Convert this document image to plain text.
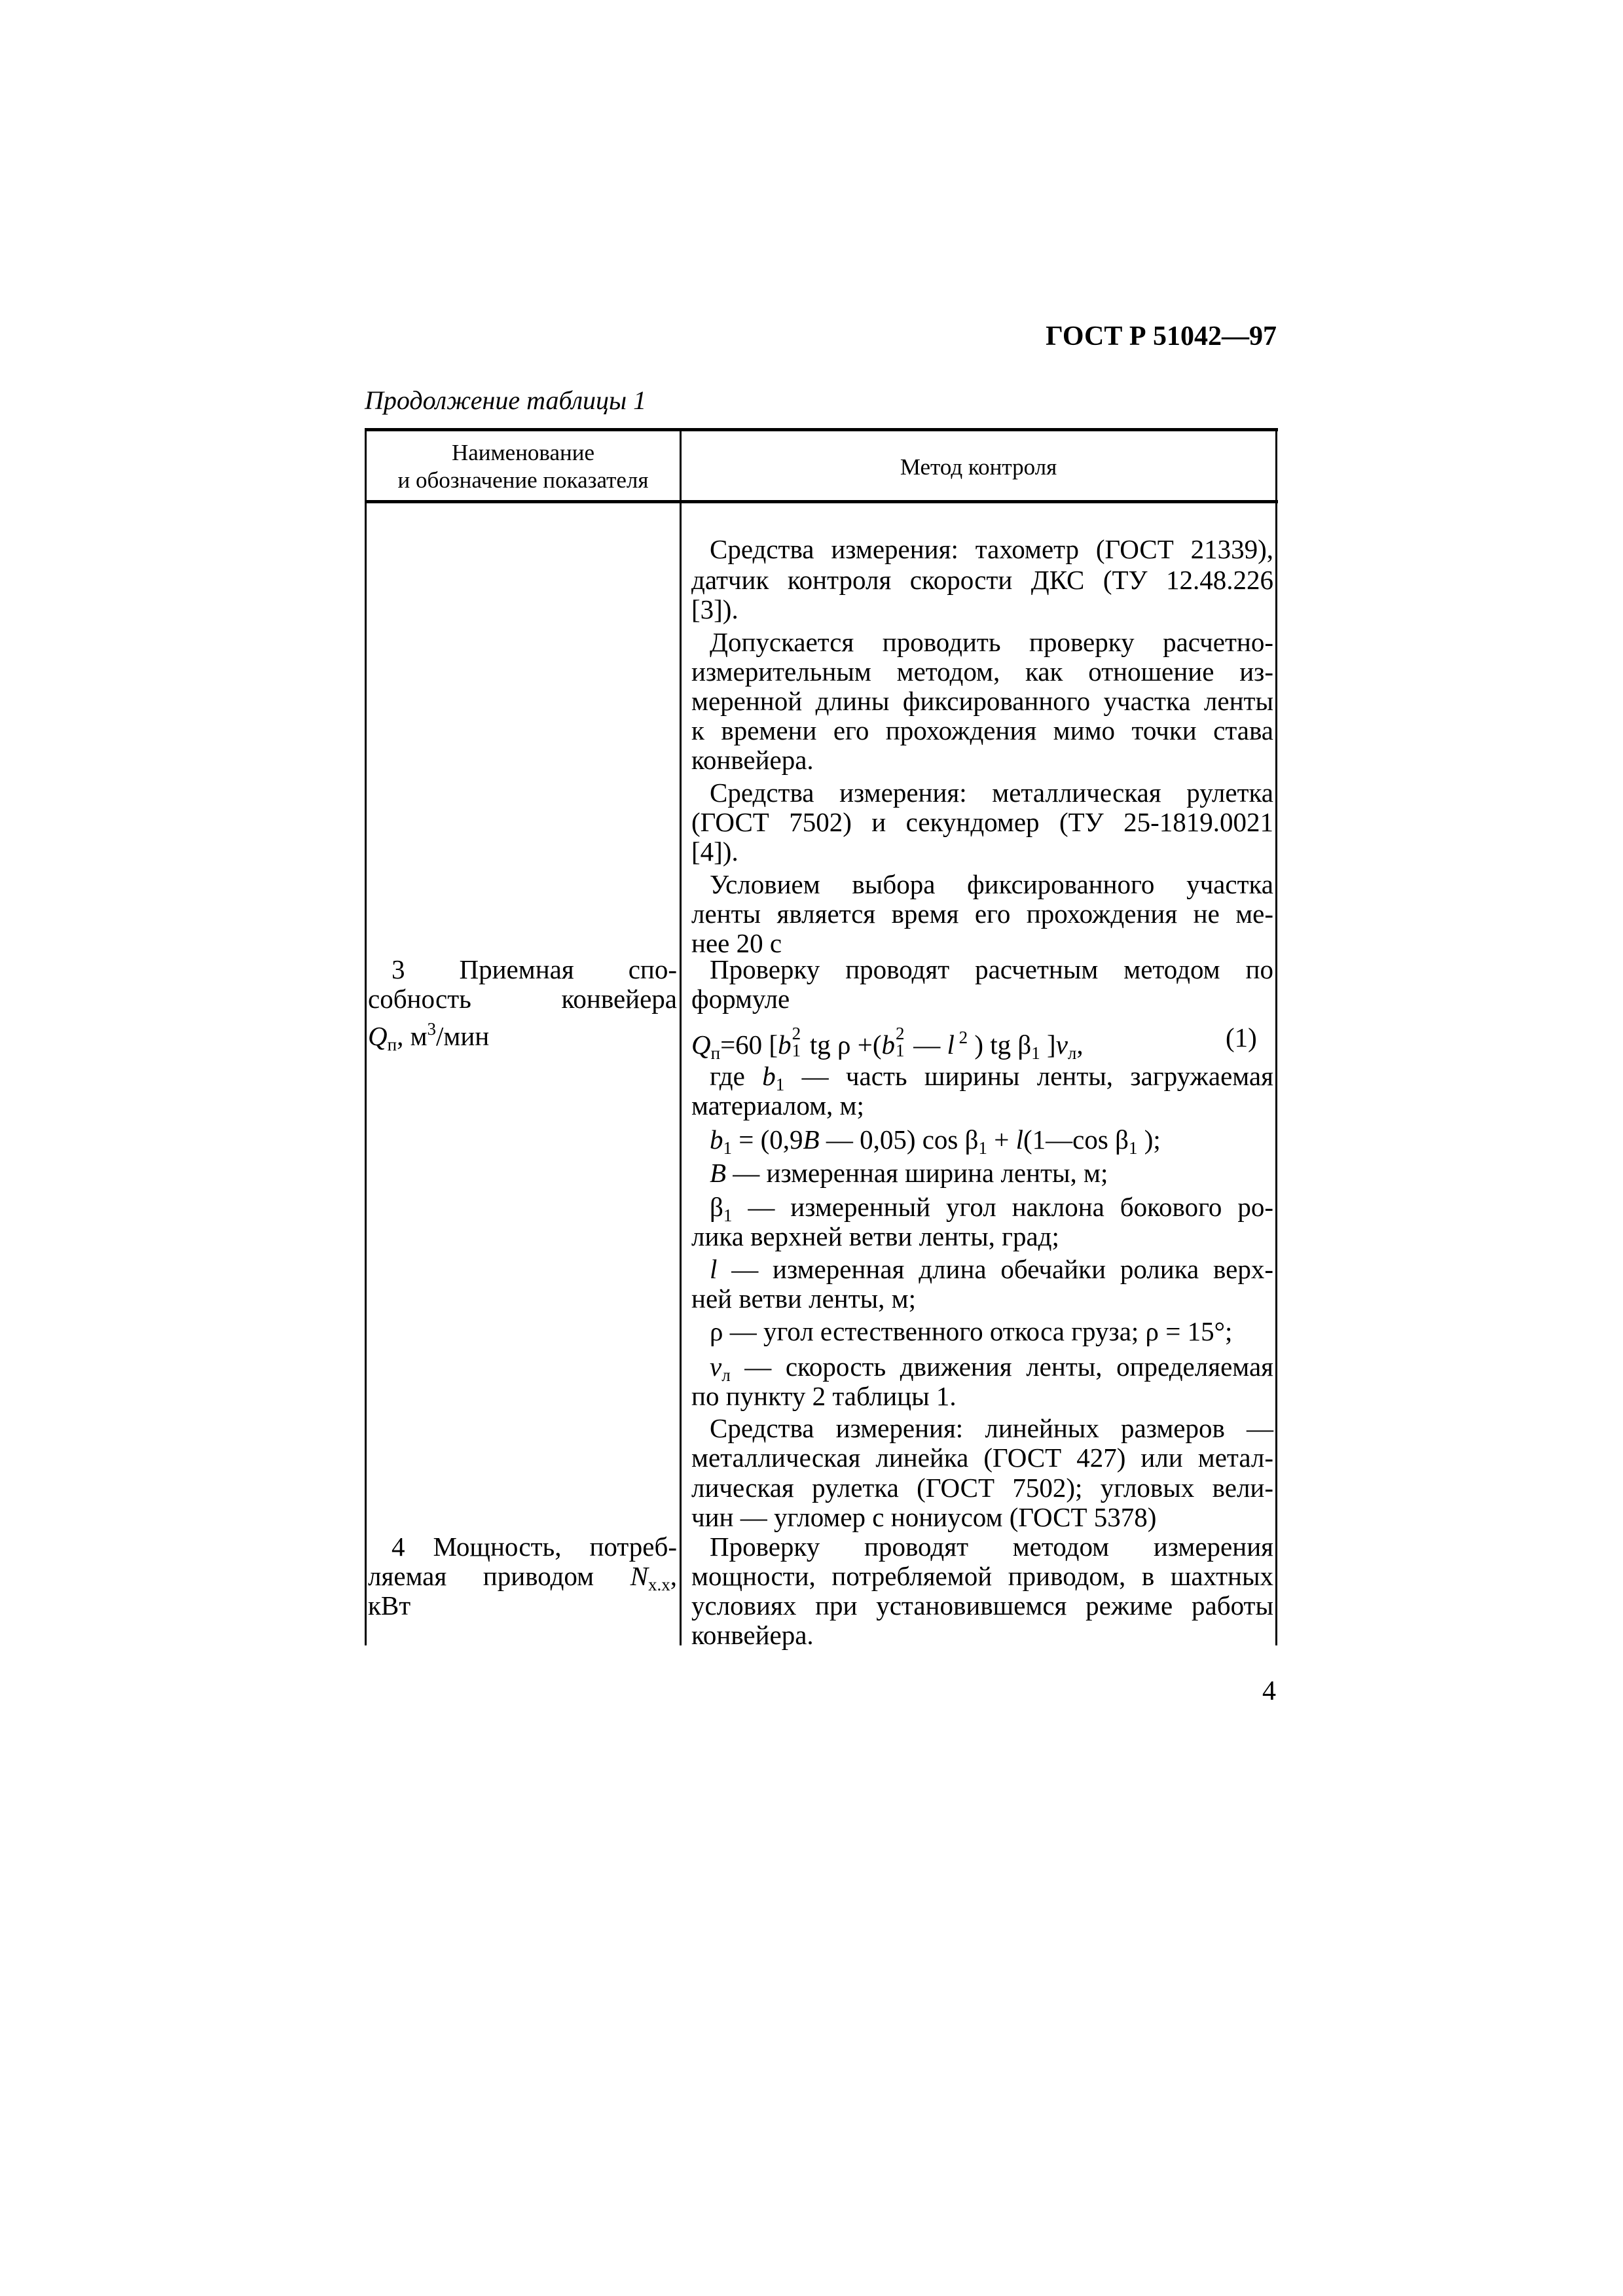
ГОСТ Р 51042—97
Продолжение таблицы 1
Наименование
и обозначение показателя
Метод контроля
3 Приемная спо-
собность конвейера
$Q_п$, $м^3$/мин
4 Мощность, потреб-
ляемая приводом $N_{х.х}$,
кВт
Средства измерения: тахометр (ГОСТ 21339),
датчик контроля скорости ДКС (ТУ 12.48.226
[3]).
Допускается проводить проверку расчетно-
измерительным методом, как отношение из-
меренной длины фиксированного участка ленты
к времени его прохождения мимо точки става
конвейера.
Средства измерения: металлическая рулетка
(ГОСТ 7502) и секундомер (ТУ 25-1819.0021
[4]).
Условием выбора фиксированного участка
ленты является время его прохождения не ме-
нее 20 с
Проверку проводят расчетным методом по
формуле
$Q_п=60$ [b 2
1 tg ρ +(b 2
1 — l $^2$ ) tg $\beta_1$ ]$v_л$,
где $b_1$ — часть ширины ленты, загружаемая
материалом, м;
$b_1 = (0,9B$ — 0,05) $\cos \beta_1$ + l(1—cos $\beta_1$ );
B — измеренная ширина ленты, м;
$\beta_1$ — измеренный угол наклона бокового ро-
лика верхней ветви ленты, град;
l — измеренная длина обечайки ролика верх-
ней ветви ленты, м;
ρ — угол естественного откоса груза; ρ = 15°;
$v_л$ — скорость движения ленты, определяемая
по пункту 2 таблицы 1.
Средства измерения: линейных размеров —
металлическая линейка (ГОСТ 427) или метал-
лическая рулетка (ГОСТ 7502); угловых вели-
чин — угломер с нониусом (ГОСТ 5378)
Проверку проводят методом измерения
мощности, потребляемой приводом, в шахтных
условиях при установившемся режиме работы
конвейера.
(1)
4
